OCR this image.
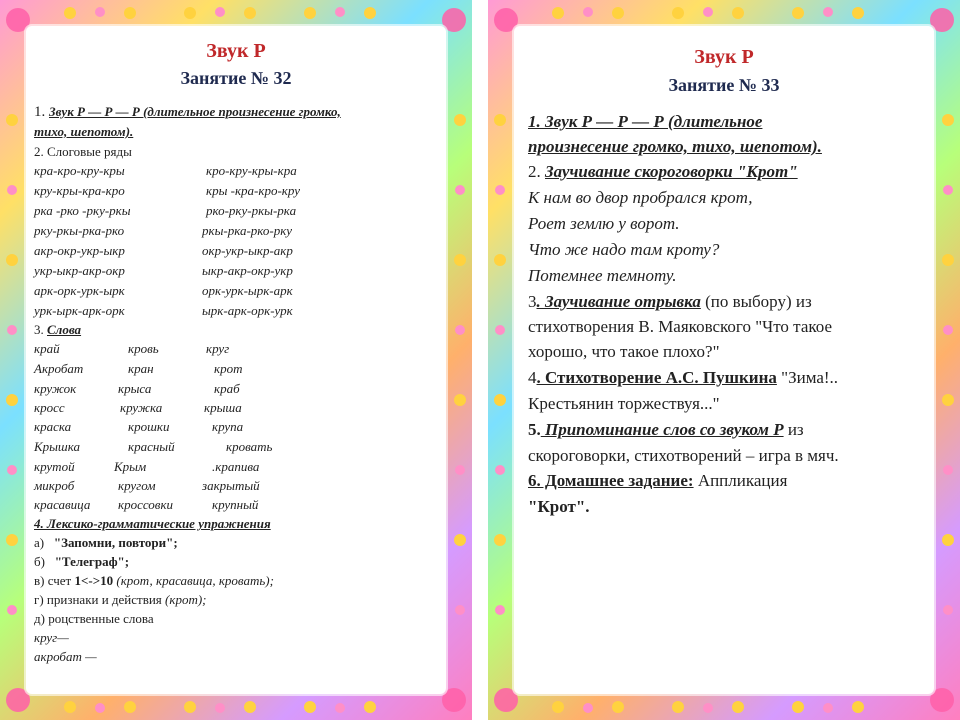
Звук Р
Занятие № 32
1. Звук Р — Р — Р (длительное произнесение громко,
тихо, шепотом).
2. Слоговые ряды
кра-кро-кру-кры	кро-кру-кры-кра
кру-кры-кра-кро	кры -кра-кро-кру
рка -рко -рку-ркы	рко-рку-ркы-рка
рку-ркы-рка-рко	ркы-рка-рко-рку
акр-окр-укр-ыкр	окр-укр-ыкр-акр
укр-ыкр-акр-окр	ыкр-акр-окр-укр
арк-орк-урк-ырк	орк-урк-ырк-арк
урк-ырк-арк-орк	ырк-арк-орк-урк
3. Слова
край	кровь	круг
Акробат	кран	крот
кружок	крыса	краб
кросс	кружка	крыша
краска	крошки	крупа
Крышка	красный	кровать
крутой	Крым	.крапива
микроб	кругом	закрытый
красавица кроссовки	крупный
4. Лексико-грамматические упражнения
а) "Запомни, повтори";
б) "Телеграф";
в) счет 1<->10 (крот, красавица, кровать);
г) признаки и действия (крот);
д) роцственные слова
круг—
акробат —
Звук Р
Занятие № 33
1. Звук Р — Р — Р (длительное
произнесение громко, тихо, шепотом).
2. Заучивание скороговорки "Крот"
К нам во двор пробрался крот,
Роет землю у ворот.
Что же надо там кроту?
Потемнее темноту.
3. Заучивание отрывка (по выбору) из
стихотворения В. Маяковского "Что такое
хорошо, что такое плохо?"
4. Стихотворение А.С. Пушкина "Зима!..
Крестьянин торжествуя..."
5. Припоминание слов со звуком Р из
скороговорки, стихотворений – игра в мяч.
6. Домашнее задание: Аппликация
"Крот".
